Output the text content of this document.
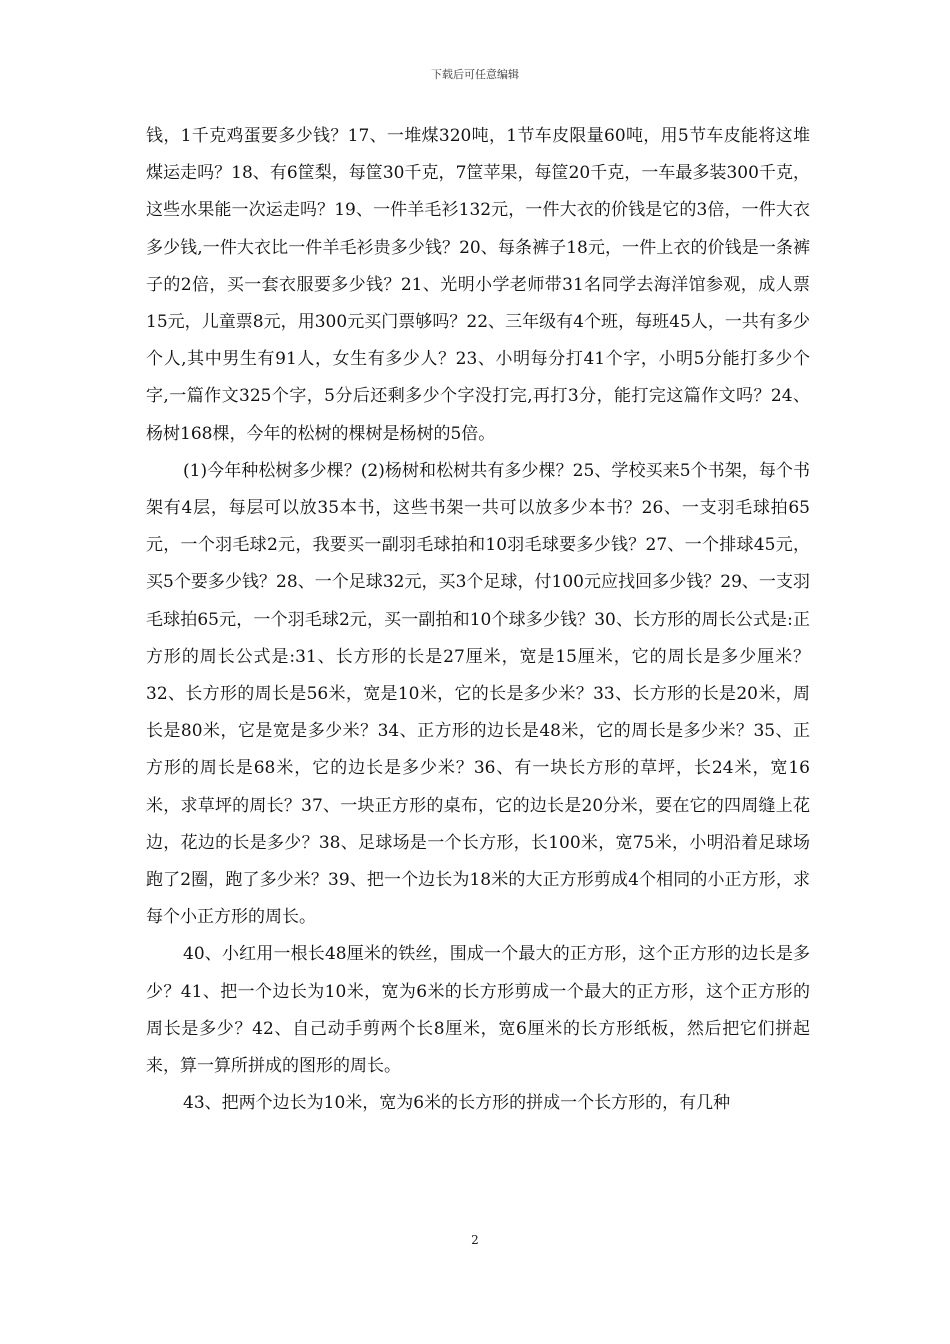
下载后可任意编辑

钱，1千克鸡蛋要多少钱？17、一堆煤320吨，1节车皮限量60吨，用5节车皮能将这堆煤运走吗？18、有6筐梨，每筐30千克，7筐苹果，每筐20千克，一车最多装300千克，这些水果能一次运走吗？19、一件羊毛衫132元，一件大衣的价钱是它的3倍，一件大衣多少钱,一件大衣比一件羊毛衫贵多少钱？20、每条裤子18元，一件上衣的价钱是一条裤子的2倍，买一套衣服要多少钱？21、光明小学老师带31名同学去海洋馆参观，成人票15元，儿童票8元，用300元买门票够吗？22、三年级有4个班，每班45人，一共有多少个人,其中男生有91人，女生有多少人？23、小明每分打41个字，小明5分能打多少个字,一篇作文325个字，5分后还剩多少个字没打完,再打3分，能打完这篇作文吗？24、杨树168棵，今年的松树的棵树是杨树的5倍。

(1)今年种松树多少棵？(2)杨树和松树共有多少棵？25、学校买来5个书架，每个书架有4层，每层可以放35本书，这些书架一共可以放多少本书？26、一支羽毛球拍65元，一个羽毛球2元，我要买一副羽毛球拍和10羽毛球要多少钱？27、一个排球45元，买5个要多少钱？28、一个足球32元，买3个足球，付100元应找回多少钱？29、一支羽毛球拍65元，一个羽毛球2元，买一副拍和10个球多少钱？30、长方形的周长公式是:正方形的周长公式是:31、长方形的长是27厘米，宽是15厘米，它的周长是多少厘米？32、长方形的周长是56米，宽是10米，它的长是多少米？33、长方形的长是20米，周长是80米，它是宽是多少米？34、正方形的边长是48米，它的周长是多少米？35、正方形的周长是68米，它的边长是多少米？36、有一块长方形的草坪，长24米，宽16米，求草坪的周长？37、一块正方形的桌布，它的边长是20分米，要在它的四周缝上花边，花边的长是多少？38、足球场是一个长方形，长100米，宽75米，小明沿着足球场跑了2圈，跑了多少米？39、把一个边长为18米的大正方形剪成4个相同的小正方形，求每个小正方形的周长。

40、小红用一根长48厘米的铁丝，围成一个最大的正方形，这个正方形的边长是多少？41、把一个边长为10米，宽为6米的长方形剪成一个最大的正方形，这个正方形的周长是多少？42、自己动手剪两个长8厘米，宽6厘米的长方形纸板，然后把它们拼起来，算一算所拼成的图形的周长。

43、把两个边长为10米，宽为6米的长方形的拼成一个长方形的，有几种

2
